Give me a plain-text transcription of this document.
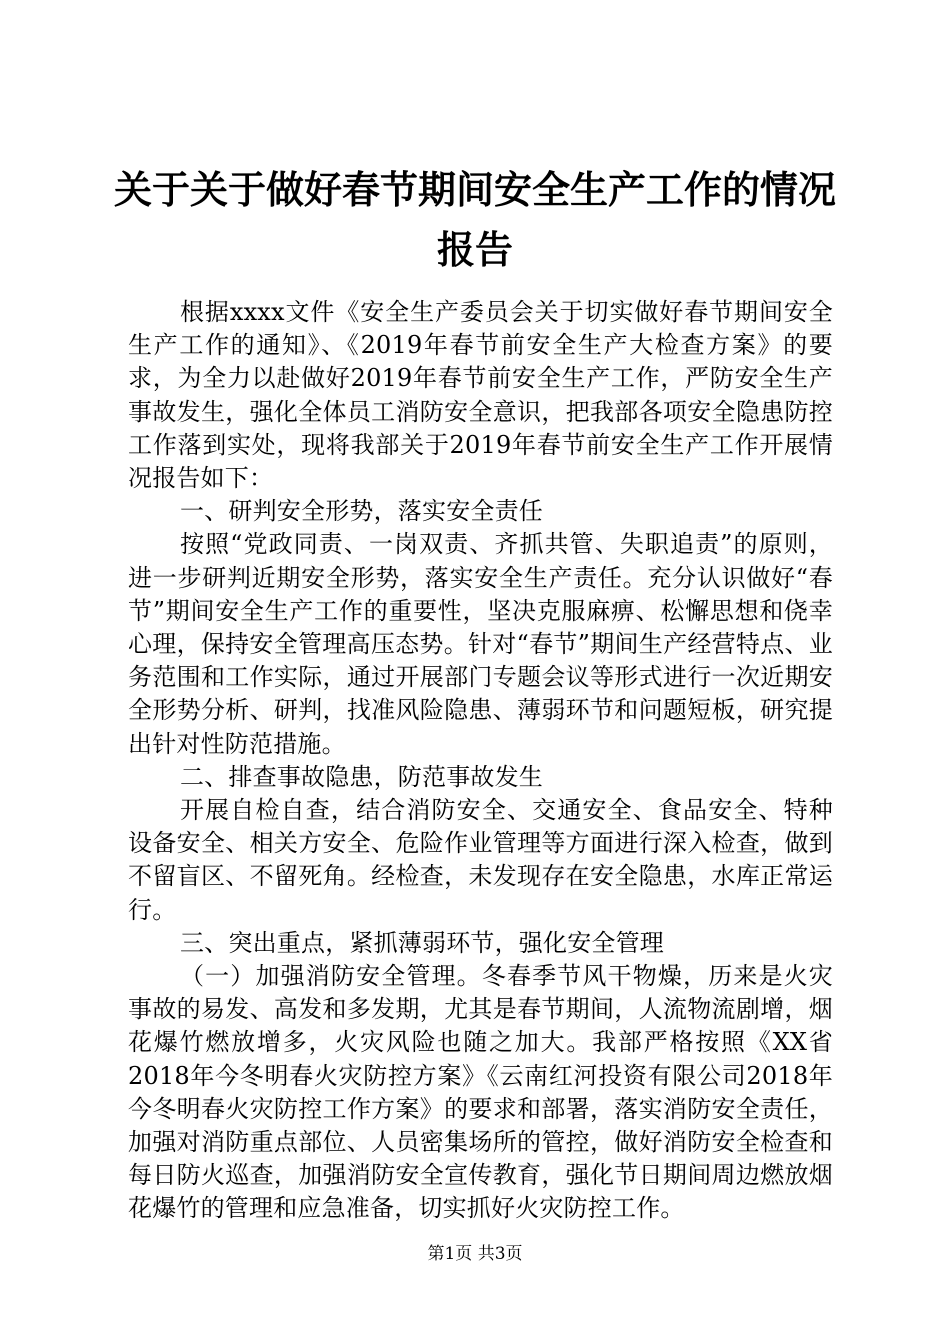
关于关于做好春节期间安全生产工作的情况报告

根据xxxx文件《安全生产委员会关于切实做好春节期间安全生产工作的通知》、《2019年春节前安全生产大检查方案》的要求，为全力以赴做好2019年春节前安全生产工作，严防安全生产事故发生，强化全体员工消防安全意识，把我部各项安全隐患防控工作落到实处，现将我部关于2019年春节前安全生产工作开展情况报告如下：

一、研判安全形势，落实安全责任

按照“党政同责、一岗双责、齐抓共管、失职追责”的原则，进一步研判近期安全形势，落实安全生产责任。充分认识做好“春节”期间安全生产工作的重要性，坚决克服麻痹、松懈思想和侥幸心理，保持安全管理高压态势。针对“春节”期间生产经营特点、业务范围和工作实际，通过开展部门专题会议等形式进行一次近期安全形势分析、研判，找准风险隐患、薄弱环节和问题短板，研究提出针对性防范措施。

二、排查事故隐患，防范事故发生

开展自检自查，结合消防安全、交通安全、食品安全、特种设备安全、相关方安全、危险作业管理等方面进行深入检查，做到不留盲区、不留死角。经检查，未发现存在安全隐患，水库正常运行。

三、突出重点，紧抓薄弱环节，强化安全管理

（一）加强消防安全管理。冬春季节风干物燥，历来是火灾事故的易发、高发和多发期，尤其是春节期间，人流物流剧增，烟花爆竹燃放增多，火灾风险也随之加大。我部严格按照《XX省2018年今冬明春火灾防控方案》《云南红河投资有限公司2018年今冬明春火灾防控工作方案》的要求和部署，落实消防安全责任，加强对消防重点部位、人员密集场所的管控，做好消防安全检查和每日防火巡查，加强消防安全宣传教育，强化节日期间周边燃放烟花爆竹的管理和应急准备，切实抓好火灾防控工作。

第1页 共3页
